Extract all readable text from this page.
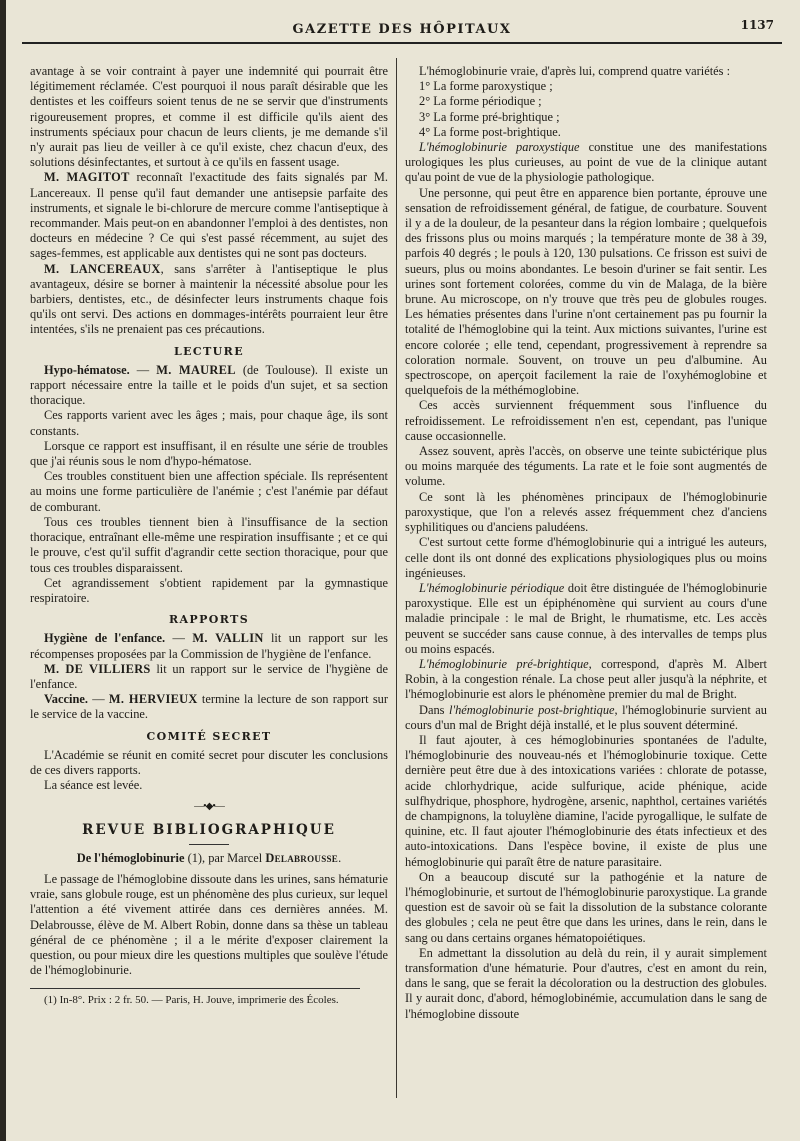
GAZETTE DES HÔPITAUX	1137

avantage à se voir contraint à payer une indemnité qui pourrait être légitimement réclamée. C'est pourquoi il nous paraît désirable que les dentistes et les coiffeurs soient tenus de ne se servir que d'instruments rigoureusement propres, et comme il est difficile qu'ils aient des instruments spéciaux pour chacun de leurs clients, je me demande s'il n'y aurait pas lieu de veiller à ce qu'il existe, chez chacun d'eux, des solutions désinfectantes, et surtout à ce qu'ils en fassent usage.

M. MAGITOT reconnaît l'exactitude des faits signalés par M. Lancereaux. Il pense qu'il faut demander une antisepsie parfaite des instruments, et signale le bi-chlorure de mercure comme l'antiseptique à recommander. Mais peut-on en abandonner l'emploi à des dentistes, non docteurs en médecine ? Ce qui s'est passé récemment, au sujet des sages-femmes, est applicable aux dentistes qui ne sont pas docteurs.

M. LANCEREAUX, sans s'arrêter à l'antiseptique le plus avantageux, désire se borner à maintenir la nécessité absolue pour les barbiers, dentistes, etc., de désinfecter leurs instruments chaque fois qu'ils ont servi. Des actions en dommages-intérêts pourraient leur être intentées, s'ils ne prenaient pas ces précautions.

LECTURE

Hypo-hématose. — M. MAUREL (de Toulouse). Il existe un rapport nécessaire entre la taille et le poids d'un sujet, et sa section thoracique.

Ces rapports varient avec les âges ; mais, pour chaque âge, ils sont constants.

Lorsque ce rapport est insuffisant, il en résulte une série de troubles que j'ai réunis sous le nom d'hypo-hématose.

Ces troubles constituent bien une affection spéciale. Ils représentent au moins une forme particulière de l'anémie ; c'est l'anémie par défaut de comburant.

Tous ces troubles tiennent bien à l'insuffisance de la section thoracique, entraînant elle-même une respiration insuffisante ; et ce qui le prouve, c'est qu'il suffit d'agrandir cette section thoracique, pour que tous ces troubles disparaissent.

Cet agrandissement s'obtient rapidement par la gymnastique respiratoire.

RAPPORTS

Hygiène de l'enfance. — M. VALLIN lit un rapport sur les récompenses proposées par la Commission de l'hygiène de l'enfance.

M. DE VILLIERS lit un rapport sur le service de l'hygiène de l'enfance.

Vaccine. — M. HERVIEUX termine la lecture de son rapport sur le service de la vaccine.

COMITÉ SECRET

L'Académie se réunit en comité secret pour discuter les conclusions de ces divers rapports.

La séance est levée.

—•◆•—
REVUE BIBLIOGRAPHIQUE
De l'hémoglobinurie (1), par Marcel Delabrousse.

Le passage de l'hémoglobine dissoute dans les urines, sans hématurie vraie, sans globule rouge, est un phénomène des plus curieux, sur lequel l'attention a été vivement attirée dans ces dernières années. M. Delabrousse, élève de M. Albert Robin, donne dans sa thèse un tableau général de ce phénomène ; il a le mérite d'exposer clairement la question, ou pour mieux dire les questions multiples que soulève l'étude de l'hémoglobinurie.

(1) In-8°. Prix : 2 fr. 50. — Paris, H. Jouve, imprimerie des Écoles.

L'hémoglobinurie vraie, d'après lui, comprend quatre variétés :

1° La forme paroxystique ;
2° La forme périodique ;
3° La forme pré-brightique ;
4° La forme post-brightique.

L'hémoglobinurie paroxystique constitue une des manifestations urologiques les plus curieuses, au point de vue de la clinique autant qu'au point de vue de la physiologie pathologique.

Une personne, qui peut être en apparence bien portante, éprouve une sensation de refroidissement général, de fatigue, de courbature. Souvent il y a de la douleur, de la pesanteur dans la région lombaire ; quelquefois des frissons plus ou moins marqués ; la température monte de 38 à 39, parfois 40 degrés ; le pouls à 120, 130 pulsations. Ce frisson est suivi de sueurs, plus ou moins abondantes. Le besoin d'uriner se fait sentir. Les urines sont fortement colorées, comme du vin de Malaga, de la bière brune. Au microscope, on n'y trouve que très peu de globules rouges. Les hématies présentes dans l'urine n'ont certainement pas pu fournir la totalité de l'hémoglobine qui la teint. Aux mictions suivantes, l'urine est encore colorée ; elle tend, cependant, progressivement à reprendre sa coloration normale. Souvent, on trouve un peu d'albumine. Au spectroscope, on aperçoit facilement la raie de l'oxyhémoglobine et quelquefois de la méthémoglobine.

Ces accès surviennent fréquemment sous l'influence du refroidissement. Le refroidissement n'en est, cependant, pas l'unique cause occasionnelle.

Assez souvent, après l'accès, on observe une teinte subictérique plus ou moins marquée des téguments. La rate et le foie sont augmentés de volume.

Ce sont là les phénomènes principaux de l'hémoglobinurie paroxystique, que l'on a relevés assez fréquemment chez d'anciens syphilitiques ou d'anciens paludéens.

C'est surtout cette forme d'hémoglobinurie qui a intrigué les auteurs, celle dont ils ont donné des explications physiologiques plus ou moins ingénieuses.

L'hémoglobinurie périodique doit être distinguée de l'hémoglobinurie paroxystique. Elle est un épiphénomène qui survient au cours d'une maladie principale : le mal de Bright, le rhumatisme, etc. Les accès peuvent se succéder sans cause connue, à des intervalles de temps plus ou moins espacés.

L'hémoglobinurie pré-brightique, correspond, d'après M. Albert Robin, à la congestion rénale. La chose peut aller jusqu'à la néphrite, et l'hémoglobinurie est alors le phénomène premier du mal de Bright.

Dans l'hémoglobinurie post-brightique, l'hémoglobinurie survient au cours d'un mal de Bright déjà installé, et le plus souvent déterminé.

Il faut ajouter, à ces hémoglobinuries spontanées de l'adulte, l'hémoglobinurie des nouveau-nés et l'hémoglobinurie toxique. Cette dernière peut être due à des intoxications variées : chlorate de potasse, acide chlorhydrique, acide sulfurique, acide phénique, acide sulfhydrique, phosphore, hydrogène, arsenic, naphthol, certaines variétés de champignons, la toluylène diamine, l'acide pyrogallique, le sulfate de quinine, etc. Il faut ajouter l'hémoglobinurie des états infectieux et des auto-intoxications. Dans l'espèce bovine, il existe de plus une hémoglobinurie qui paraît être de nature parasitaire.

On a beaucoup discuté sur la pathogénie et la nature de l'hémoglobinurie, et surtout de l'hémoglobinurie paroxystique. La grande question est de savoir où se fait la dissolution de la substance colorante des globules ; cela ne peut être que dans les urines, dans le rein, dans le sang ou dans certains organes hématopoiétiques.

En admettant la dissolution au delà du rein, il y aurait simplement transformation d'une hématurie. Pour d'autres, c'est en amont du rein, dans le sang, que se ferait la décoloration ou la destruction des globules. Il y aurait donc, d'abord, hémoglobinémie, accumulation dans le sang de l'hémoglobine dissoute
